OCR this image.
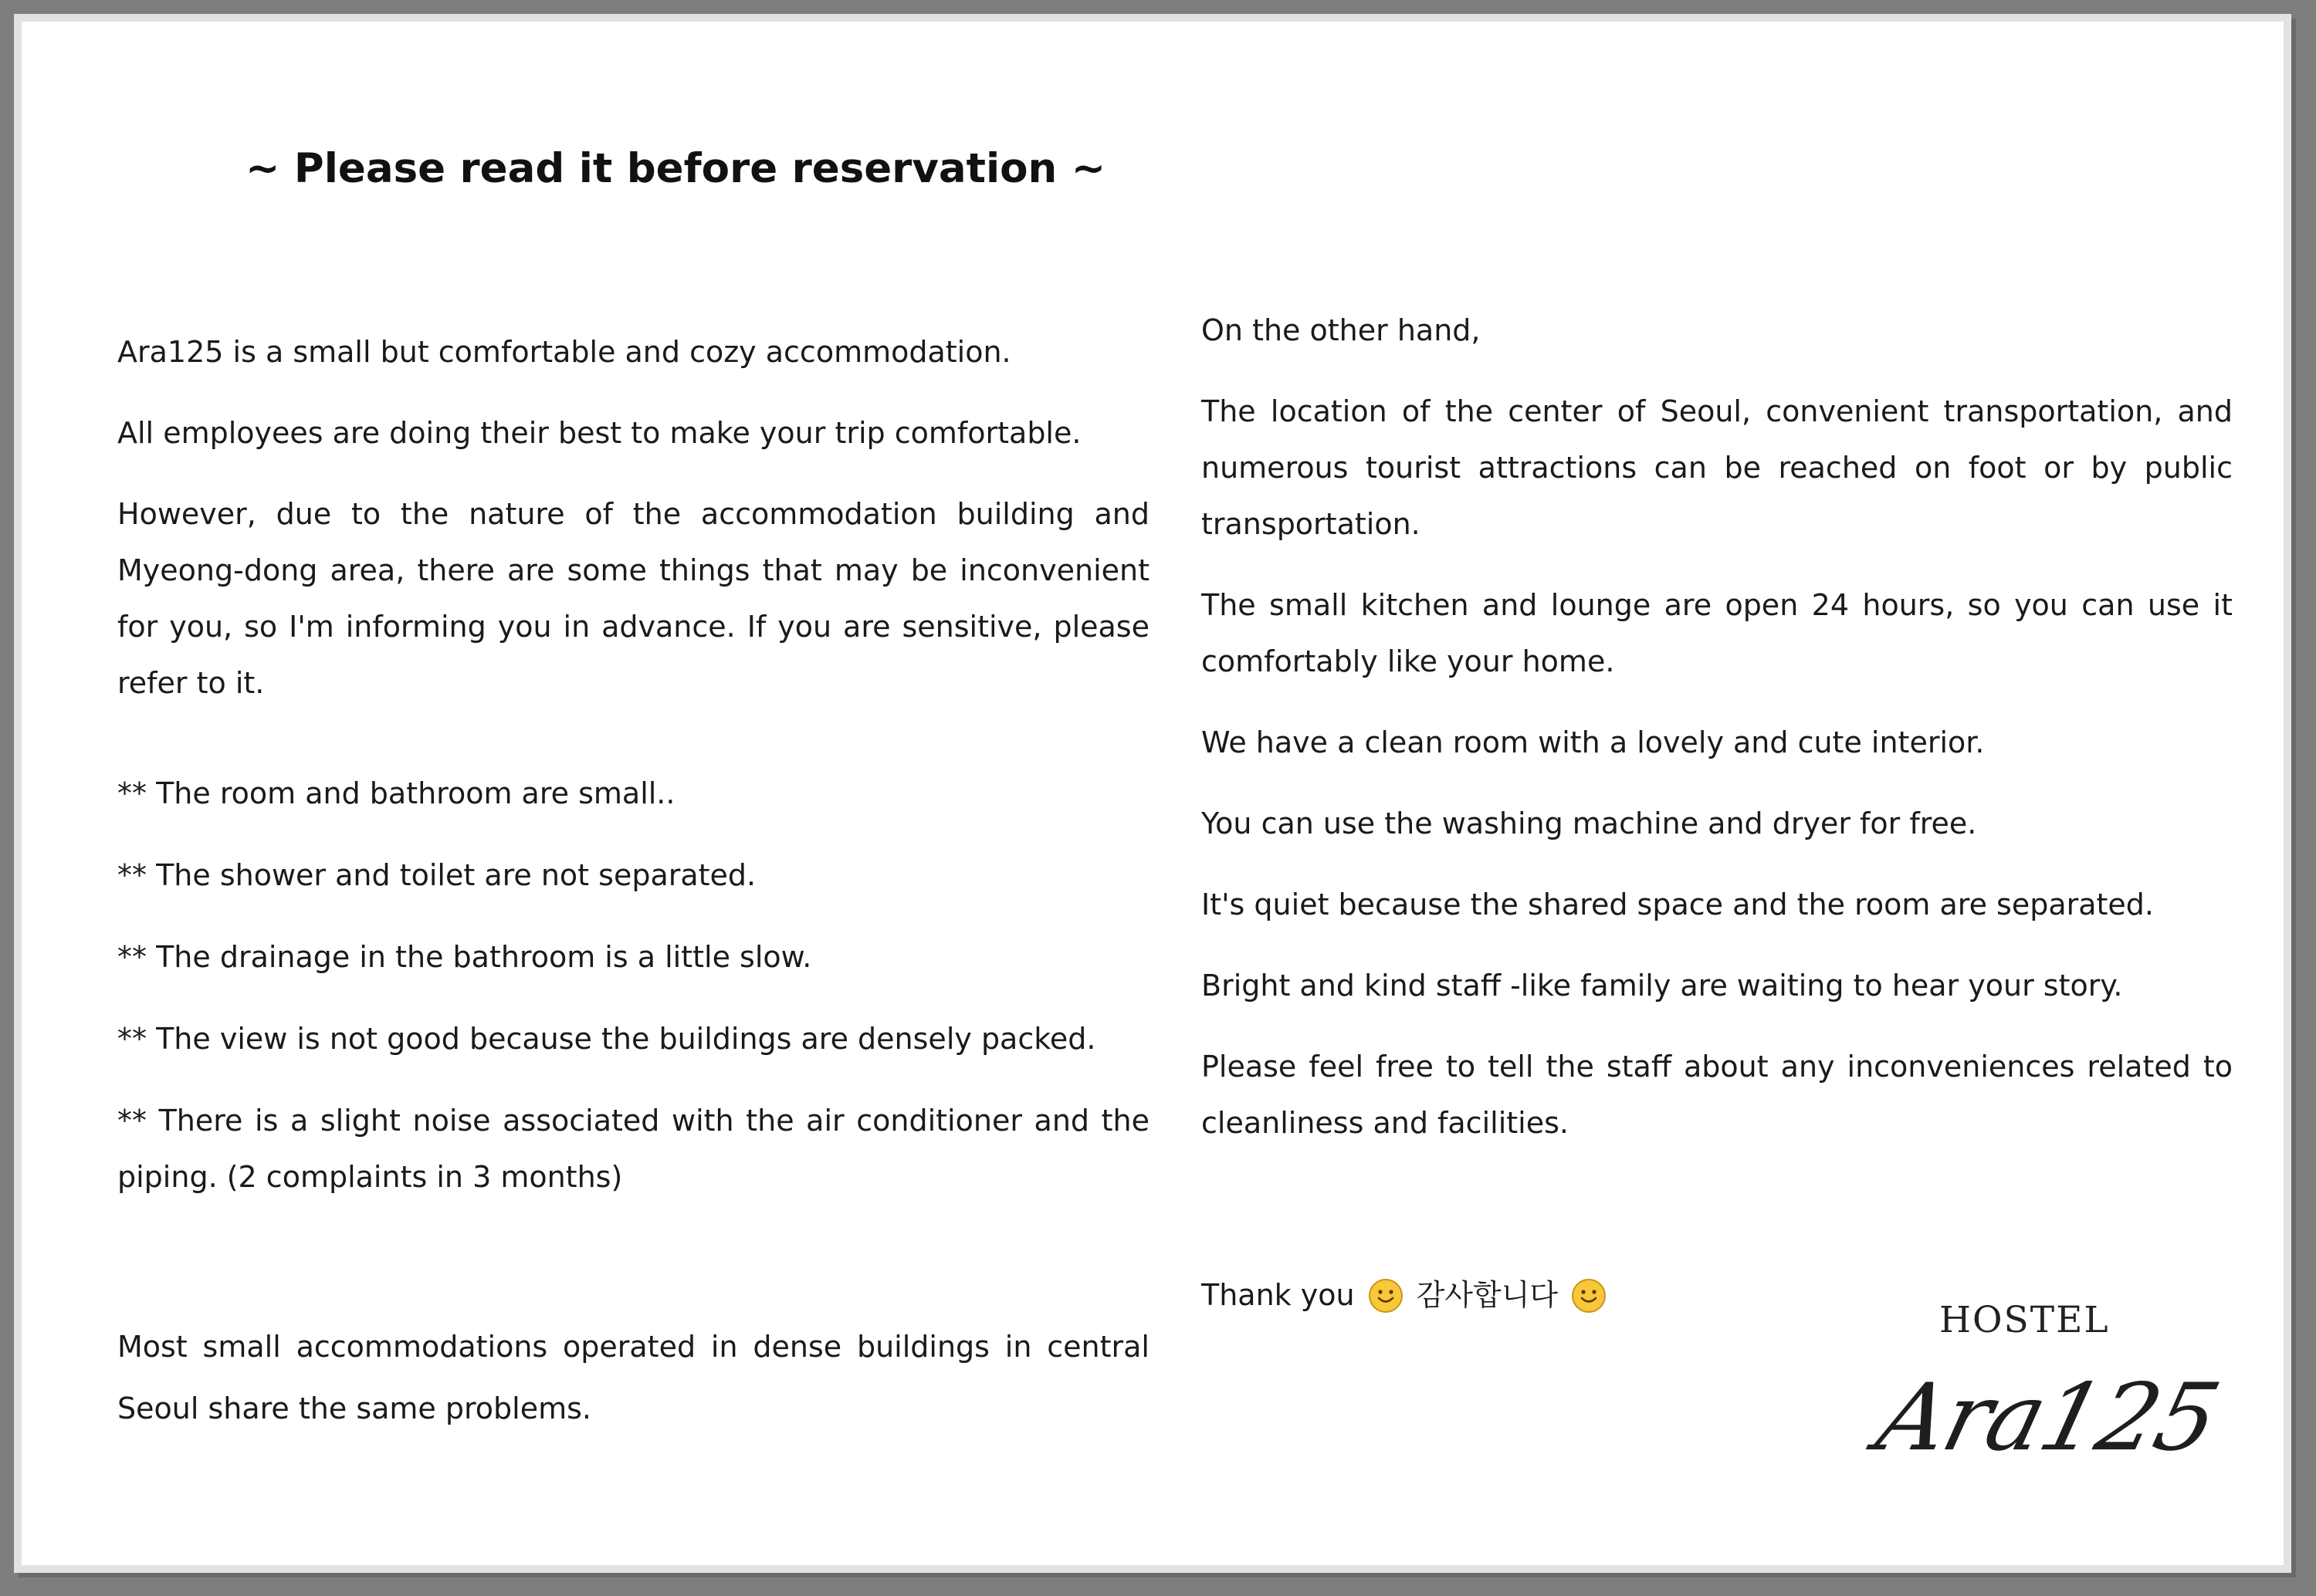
~ Please read it before reservation ~

Ara125 is a small but comfortable and cozy accommodation.

All employees are doing their best to make your trip comfortable.

However, due to the nature of the accommodation building and Myeong-dong area, there are some things that may be inconvenient for you, so I'm informing you in advance. If you are sensitive, please refer to it.

** The room and bathroom are small..

** The shower and toilet are not separated.

** The drainage in the bathroom is a little slow.

** The view is not good because the buildings are densely packed.

** There is a slight noise associated with the air conditioner and the piping. (2 complaints in 3 months)

Most small accommodations operated in dense buildings in central Seoul share the same problems.

On the other hand,

The location of the center of Seoul, convenient transportation, and numerous tourist attractions can be reached on foot or by public transportation.

The small kitchen and lounge are open 24 hours, so you can use it comfortably like your home.

We have a clean room with a lovely and cute interior.

You can use the washing machine and dryer for free.

It's quiet because the shared space and the room are separated.

Bright and kind staff -like family are waiting to hear your story.

Please feel free to tell the staff about any inconveniences related to cleanliness and facilities.

Thank you 감사합니다
HOSTEL
Ara125
